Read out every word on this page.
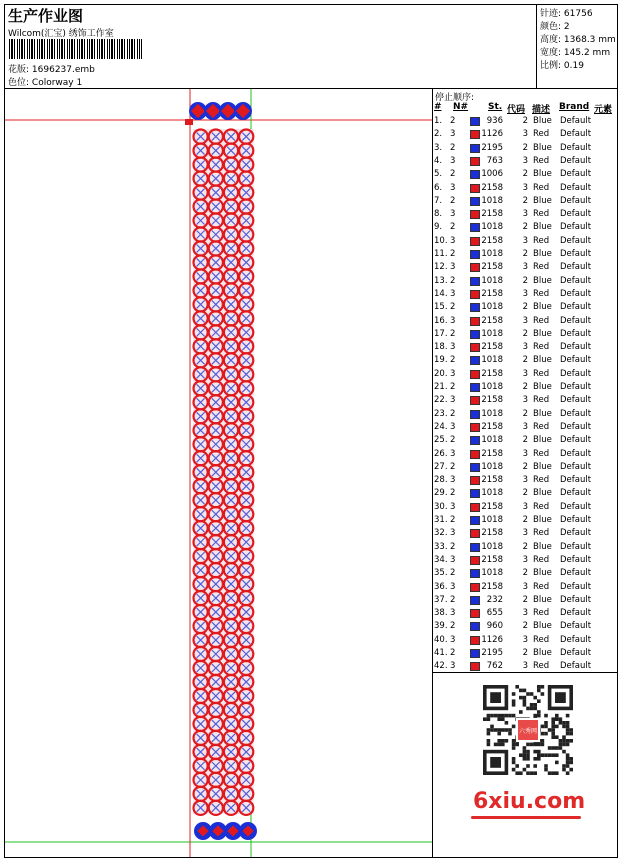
生产作业图
Wilcom(汇宝) 绣饰工作室
花版: 1696237.emb
色位: Colorway 1
针迹: 61756
颜色: 2
高度: 1368.3 mm
宽度: 145.2 mm
比例: 0.19
停止顺序:
# N# St. 代码 描述 Brand 元素
1. 2	936 2 Blue Default
2. 3	1126 3 Red Default
3. 2	2195 2 Blue Default
4. 3	763 3 Red Default
5. 2	1006 2 Blue Default
6. 3	2158 3 Red Default
7. 2	1018 2 Blue Default
8. 3	2158 3 Red Default
9. 2	1018 2 Blue Default
10. 3	2158 3 Red Default
11. 2	1018 2 Blue Default
12. 3	2158 3 Red Default
13. 2	1018 2 Blue Default
14. 3	2158 3 Red Default
15. 2	1018 2 Blue Default
16. 3	2158 3 Red Default
17. 2	1018 2 Blue Default
18. 3	2158 3 Red Default
19. 2	1018 2 Blue Default
20. 3	2158 3 Red Default
21. 2	1018 2 Blue Default
22. 3	2158 3 Red Default
23. 2	1018 2 Blue Default
24. 3	2158 3 Red Default
25. 2	1018 2 Blue Default
26. 3	2158 3 Red Default
27. 2	1018 2 Blue Default
28. 3	2158 3 Red Default
29. 2	1018 2 Blue Default
30. 3	2158 3 Red Default
31. 2	1018 2 Blue Default
32. 3	2158 3 Red Default
33. 2	1018 2 Blue Default
34. 3	2158 3 Red Default
35. 2	1018 2 Blue Default
36. 3	2158 3 Red Default
37. 2	232 2 Blue Default
38. 3	655 3 Red Default
39. 2	960 2 Blue Default
40. 3	1126 3 Red Default
41. 2	2195 2 Blue Default
42. 3	762 3 Red Default
六秀网
6xiu.com
